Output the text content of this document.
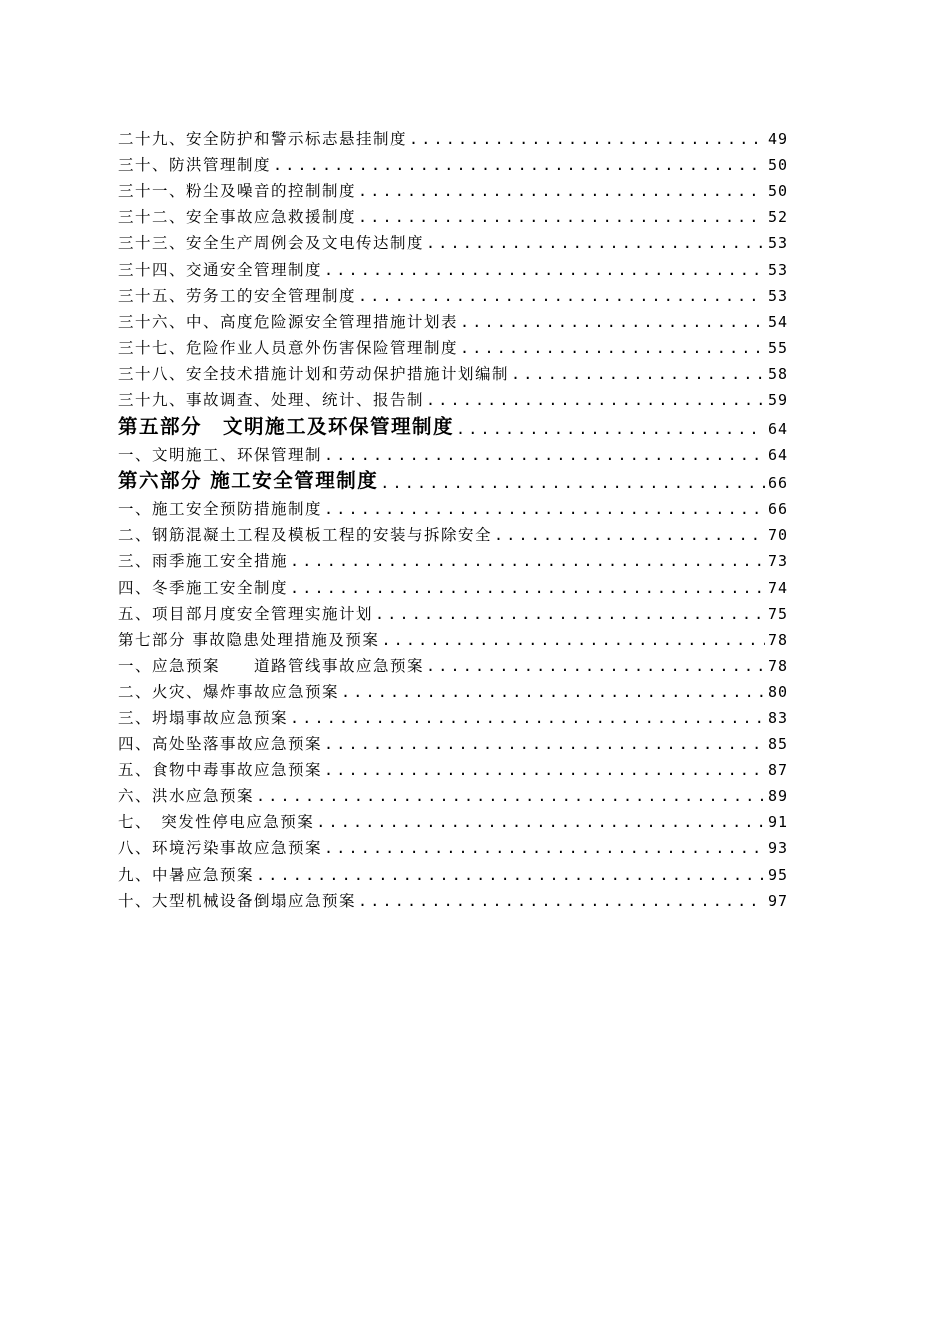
二十九、安全防护和警示标志悬挂制度 .....	49
三十、防洪管理制度 .....	50
三十一、粉尘及噪音的控制制度 .....	50
三十二、安全事故应急救援制度 .....	52
三十三、安全生产周例会及文电传达制度 .....	53
三十四、交通安全管理制度 .....	53
三十五、劳务工的安全管理制度 .....	53
三十六、中、高度危险源安全管理措施计划表 .....	54
三十七、危险作业人员意外伤害保险管理制度 .....	55
三十八、安全技术措施计划和劳动保护措施计划编制 .....	58
三十九、事故调查、处理、统计、报告制 .....	59
第五部分　文明施工及环保管理制度 .....	64
一、文明施工、环保管理制 .....	64
第六部分 施工安全管理制度 .....	66
一、施工安全预防措施制度 .....	66
二、钢筋混凝土工程及模板工程的安装与拆除安全 .....	70
三、雨季施工安全措施 .....	73
四、冬季施工安全制度 .....	74
五、项目部月度安全管理实施计划 .....	75
第七部分 事故隐患处理措施及预案 .....	78
一、应急预案　　道路管线事故应急预案 .....	78
二、火灾、爆炸事故应急预案 .....	80
三、坍塌事故应急预案 .....	83
四、高处坠落事故应急预案 .....	85
五、食物中毒事故应急预案 .....	87
六、洪水应急预案 .....	89
七、　突发性停电应急预案 .....	91
八、环境污染事故应急预案 .....	93
九、中暑应急预案 .....	95
十、大型机械设备倒塌应急预案 .....	97
